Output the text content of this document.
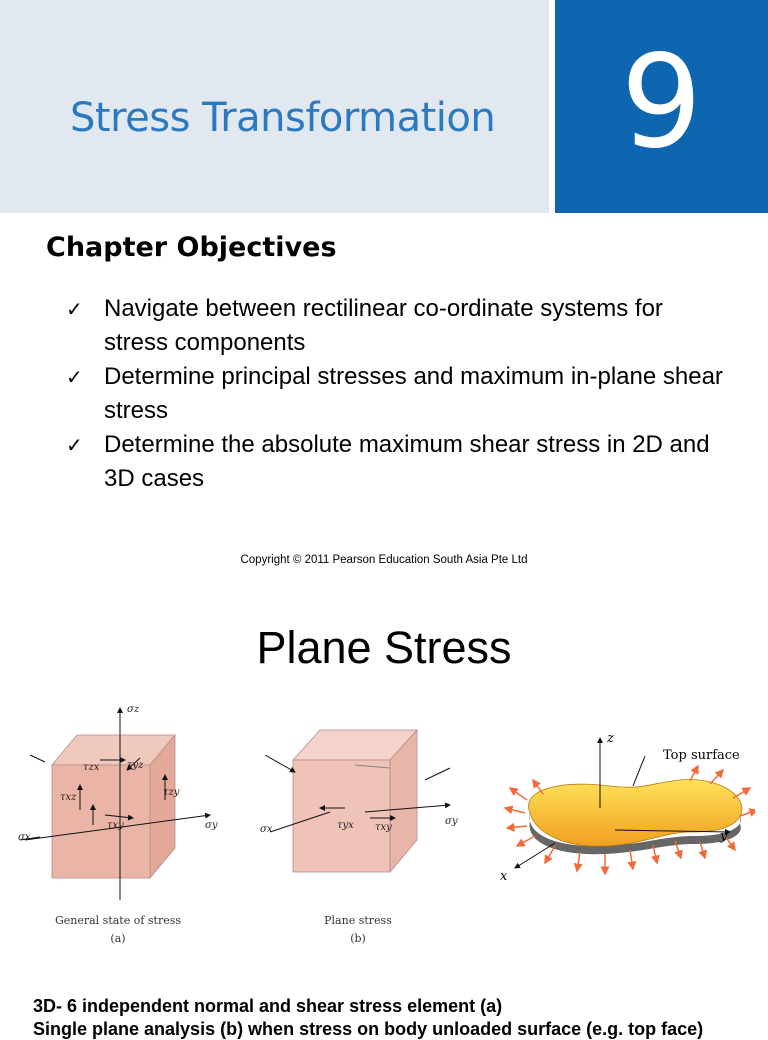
Stress Transformation 9
Chapter Objectives
✓ Navigate between rectilinear co-ordinate systems for stress components
✓ Determine principal stresses and maximum in-plane shear stress
✓ Determine the absolute maximum shear stress in 2D and 3D cases
Copyright © 2011 Pearson Education South Asia Pte Ltd
Plane Stress
σz
σx
σy
τxz
τzx	τyz
τzy
τxy
General state of stress
(a)
σx
σy
τyx τxy
Plane stress
(b)
z
y
x
Top surface
3D- 6 independent normal and shear stress element (a)
Single plane analysis (b) when stress on body unloaded surface (e.g. top face)
